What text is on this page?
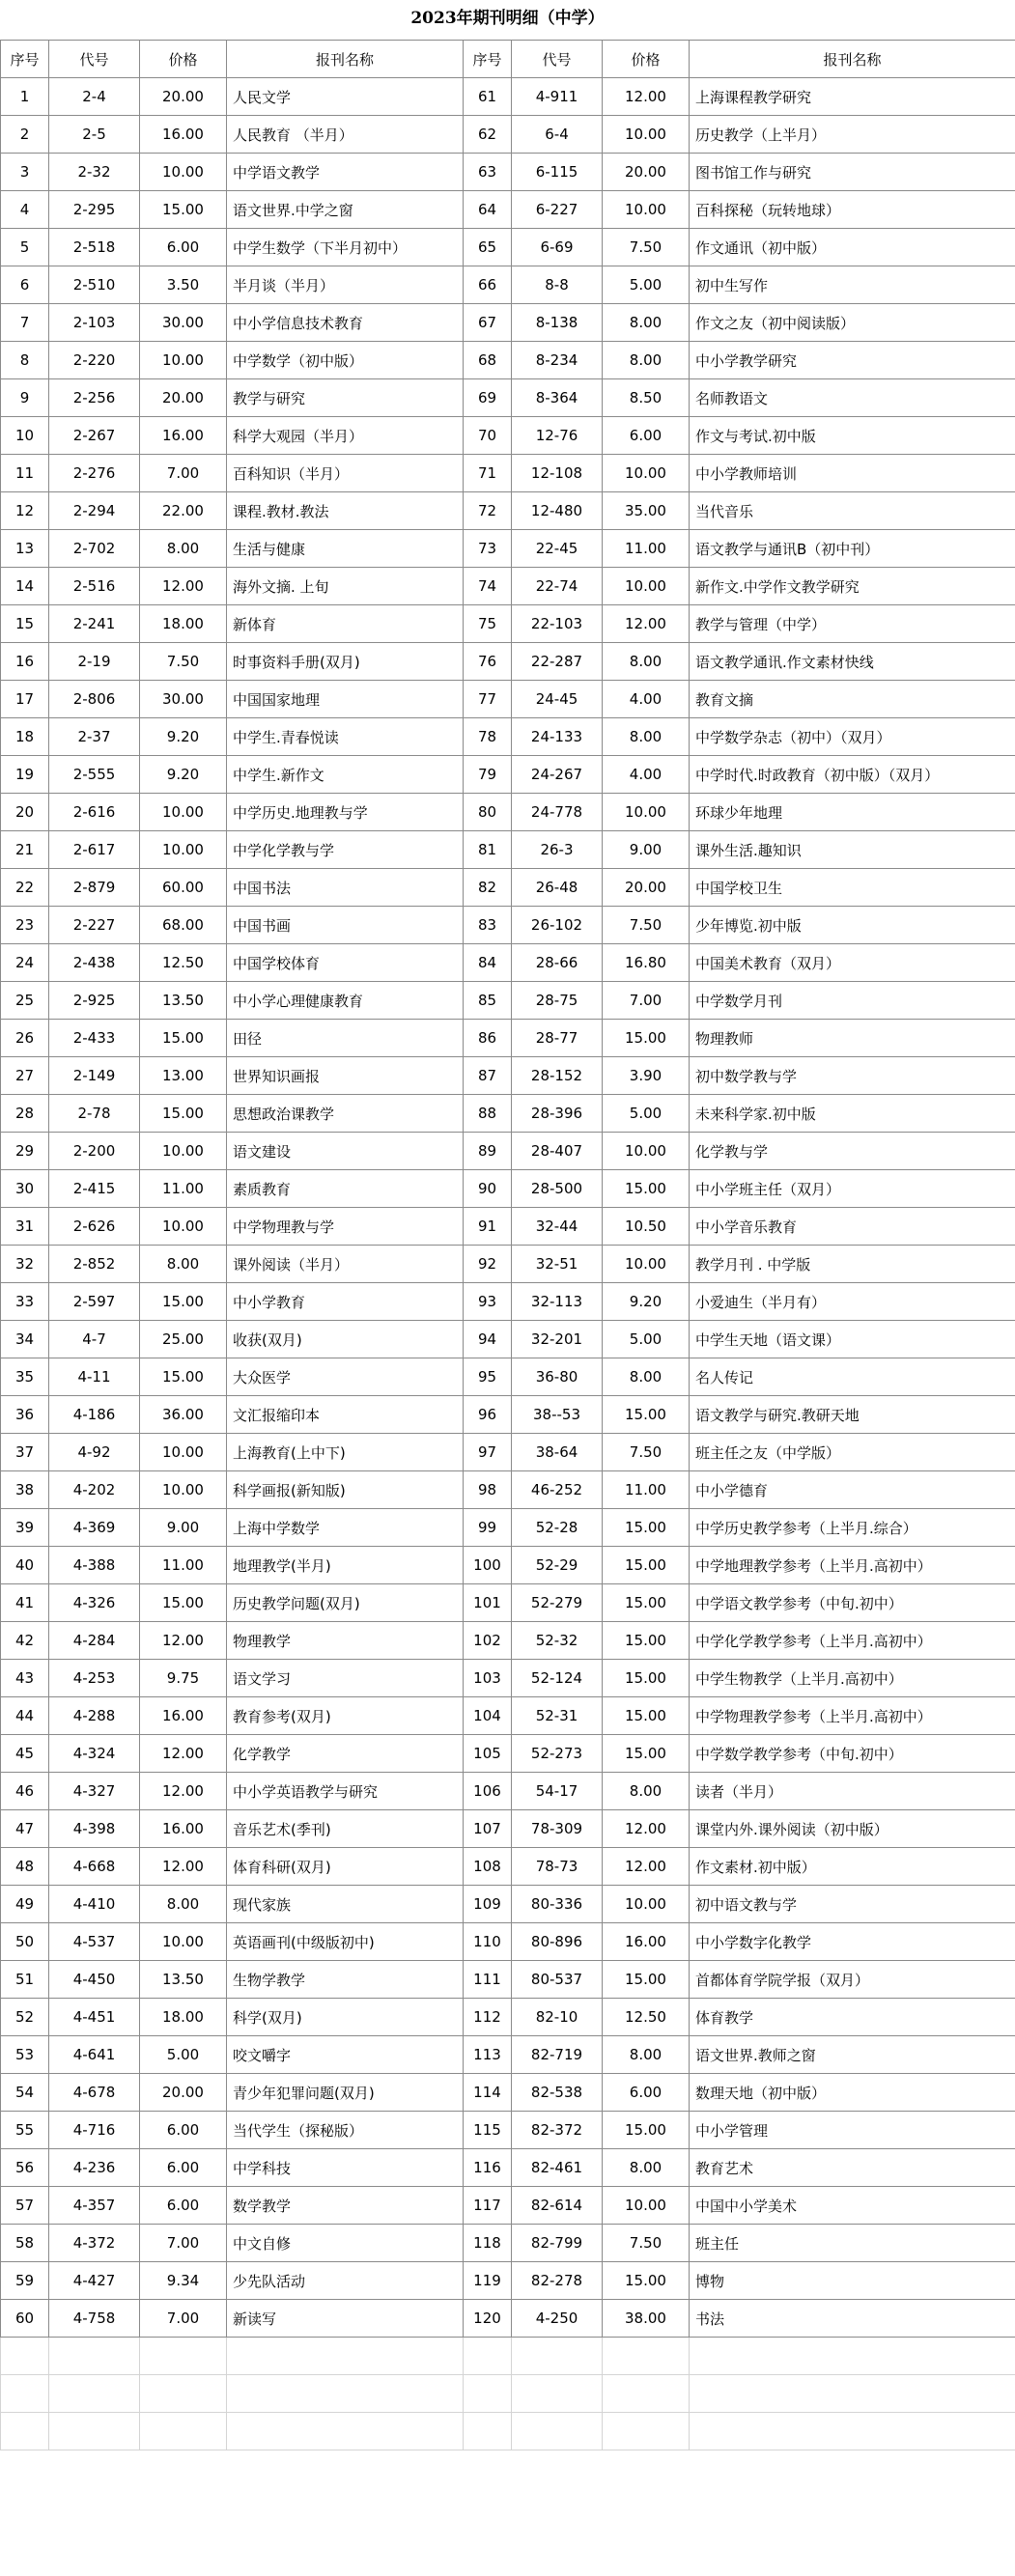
2023年期刊明细（中学）
序号	代号	价格	报刊名称	序号	代号	价格	报刊名称
1	2-4	20.00	人民文学	61	4-911	12.00	上海课程教学研究
2	2-5	16.00	人民教育 （半月）	62	6-4	10.00	历史教学（上半月）
3	2-32	10.00	中学语文教学	63	6-115	20.00	图书馆工作与研究
4	2-295	15.00	语文世界.中学之窗	64	6-227	10.00	百科探秘（玩转地球）
5	2-518	6.00	中学生数学（下半月初中）	65	6-69	7.50	作文通讯（初中版）
6	2-510	3.50	半月谈（半月）	66	8-8	5.00	初中生写作
7	2-103	30.00	中小学信息技术教育	67	8-138	8.00	作文之友（初中阅读版）
8	2-220	10.00	中学数学（初中版）	68	8-234	8.00	中小学教学研究
9	2-256	20.00	教学与研究	69	8-364	8.50	名师教语文
10	2-267	16.00	科学大观园（半月）	70	12-76	6.00	作文与考试.初中版
11	2-276	7.00	百科知识（半月）	71	12-108	10.00	中小学教师培训
12	2-294	22.00	课程.教材.教法	72	12-480	35.00	当代音乐
13	2-702	8.00	生活与健康	73	22-45	11.00	语文教学与通讯B（初中刊）
14	2-516	12.00	海外文摘. 上旬	74	22-74	10.00	新作文.中学作文教学研究
15	2-241	18.00	新体育	75	22-103	12.00	教学与管理（中学）
16	2-19	7.50	时事资料手册(双月)	76	22-287	8.00	语文教学通讯.作文素材快线
17	2-806	30.00	中国国家地理	77	24-45	4.00	教育文摘
18	2-37	9.20	中学生.青春悦读	78	24-133	8.00	中学数学杂志（初中）（双月）
19	2-555	9.20	中学生.新作文	79	24-267	4.00	中学时代.时政教育（初中版）（双月）
20	2-616	10.00	中学历史.地理教与学	80	24-778	10.00	环球少年地理
21	2-617	10.00	中学化学教与学	81	26-3	9.00	课外生活.趣知识
22	2-879	60.00	中国书法	82	26-48	20.00	中国学校卫生
23	2-227	68.00	中国书画	83	26-102	7.50	少年博览.初中版
24	2-438	12.50	中国学校体育	84	28-66	16.80	中国美术教育（双月）
25	2-925	13.50	中小学心理健康教育	85	28-75	7.00	中学数学月刊
26	2-433	15.00	田径	86	28-77	15.00	物理教师
27	2-149	13.00	世界知识画报	87	28-152	3.90	初中数学教与学
28	2-78	15.00	思想政治课教学	88	28-396	5.00	未来科学家.初中版
29	2-200	10.00	语文建设	89	28-407	10.00	化学教与学
30	2-415	11.00	素质教育	90	28-500	15.00	中小学班主任（双月）
31	2-626	10.00	中学物理教与学	91	32-44	10.50	中小学音乐教育
32	2-852	8.00	课外阅读（半月）	92	32-51	10.00	教学月刊 . 中学版
33	2-597	15.00	中小学教育	93	32-113	9.20	小爱迪生（半月有）
34	4-7	25.00	收获(双月)	94	32-201	5.00	中学生天地（语文课）
35	4-11	15.00	大众医学	95	36-80	8.00	名人传记
36	4-186	36.00	文汇报缩印本	96	38--53	15.00	语文教学与研究.教研天地
37	4-92	10.00	上海教育(上中下)	97	38-64	7.50	班主任之友（中学版）
38	4-202	10.00	科学画报(新知版)	98	46-252	11.00	中小学德育
39	4-369	9.00	上海中学数学	99	52-28	15.00	中学历史教学参考（上半月.综合）
40	4-388	11.00	地理教学(半月)	100	52-29	15.00	中学地理教学参考（上半月.高初中）
41	4-326	15.00	历史教学问题(双月)	101	52-279	15.00	中学语文教学参考（中旬.初中）
42	4-284	12.00	物理教学	102	52-32	15.00	中学化学教学参考（上半月.高初中）
43	4-253	9.75	语文学习	103	52-124	15.00	中学生物教学（上半月.高初中）
44	4-288	16.00	教育参考(双月)	104	52-31	15.00	中学物理教学参考（上半月.高初中）
45	4-324	12.00	化学教学	105	52-273	15.00	中学数学教学参考（中旬.初中）
46	4-327	12.00	中小学英语教学与研究	106	54-17	8.00	读者（半月）
47	4-398	16.00	音乐艺术(季刊)	107	78-309	12.00	课堂内外.课外阅读（初中版）
48	4-668	12.00	体育科研(双月)	108	78-73	12.00	作文素材.初中版）
49	4-410	8.00	现代家族	109	80-336	10.00	初中语文教与学
50	4-537	10.00	英语画刊(中级版初中)	110	80-896	16.00	中小学数字化教学
51	4-450	13.50	生物学教学	111	80-537	15.00	首都体育学院学报（双月）
52	4-451	18.00	科学(双月)	112	82-10	12.50	体育教学
53	4-641	5.00	咬文嚼字	113	82-719	8.00	语文世界.教师之窗
54	4-678	20.00	青少年犯罪问题(双月)	114	82-538	6.00	数理天地（初中版）
55	4-716	6.00	当代学生（探秘版）	115	82-372	15.00	中小学管理
56	4-236	6.00	中学科技	116	82-461	8.00	教育艺术
57	4-357	6.00	数学教学	117	82-614	10.00	中国中小学美术
58	4-372	7.00	中文自修	118	82-799	7.50	班主任
59	4-427	9.34	少先队活动	119	82-278	15.00	博物
60	4-758	7.00	新读写	120	4-250	38.00	书法
